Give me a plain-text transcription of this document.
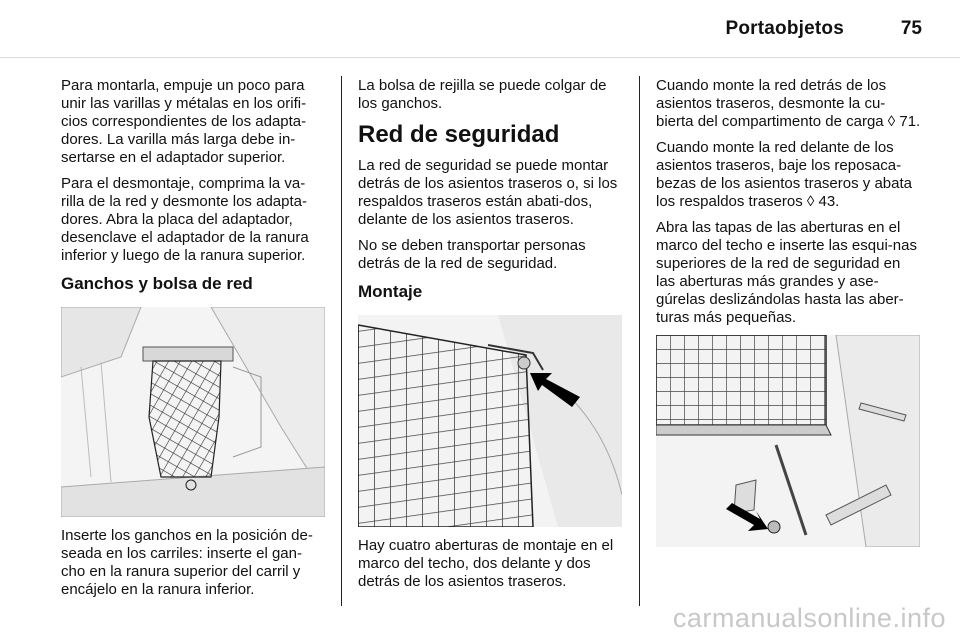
Portaobjetos	75

Para montarla, empuje un poco para unir las varillas y métalas en los orifi-cios correspondientes de los adapta-dores. La varilla más larga debe in-sertarse en el adaptador superior.

Para el desmontaje, comprima la va-rilla de la red y desmonte los adapta-dores. Abra la placa del adaptador, desenclave el adaptador de la ranura inferior y luego de la ranura superior.

Ganchos y bolsa de red

Inserte los ganchos en la posición de-seada en los carriles: inserte el gan-cho en la ranura superior del carril y encájelo en la ranura inferior.

La bolsa de rejilla se puede colgar de los ganchos.

Red de seguridad

La red de seguridad se puede montar detrás de los asientos traseros o, si los respaldos traseros están abati-dos, delante de los asientos traseros.

No se deben transportar personas detrás de la red de seguridad.

Montaje

Hay cuatro aberturas de montaje en el marco del techo, dos delante y dos detrás de los asientos traseros.

Cuando monte la red detrás de los asientos traseros, desmonte la cu-bierta del compartimento de carga ◊ 71.

Cuando monte la red delante de los asientos traseros, baje los reposaca-bezas de los asientos traseros y abata los respaldos traseros ◊ 43.

Abra las tapas de las aberturas en el marco del techo e inserte las esqui-nas superiores de la red de seguridad en las aberturas más grandes y ase-gúrelas deslizándolas hasta las aber-turas más pequeñas.

carmanualsonline.info
